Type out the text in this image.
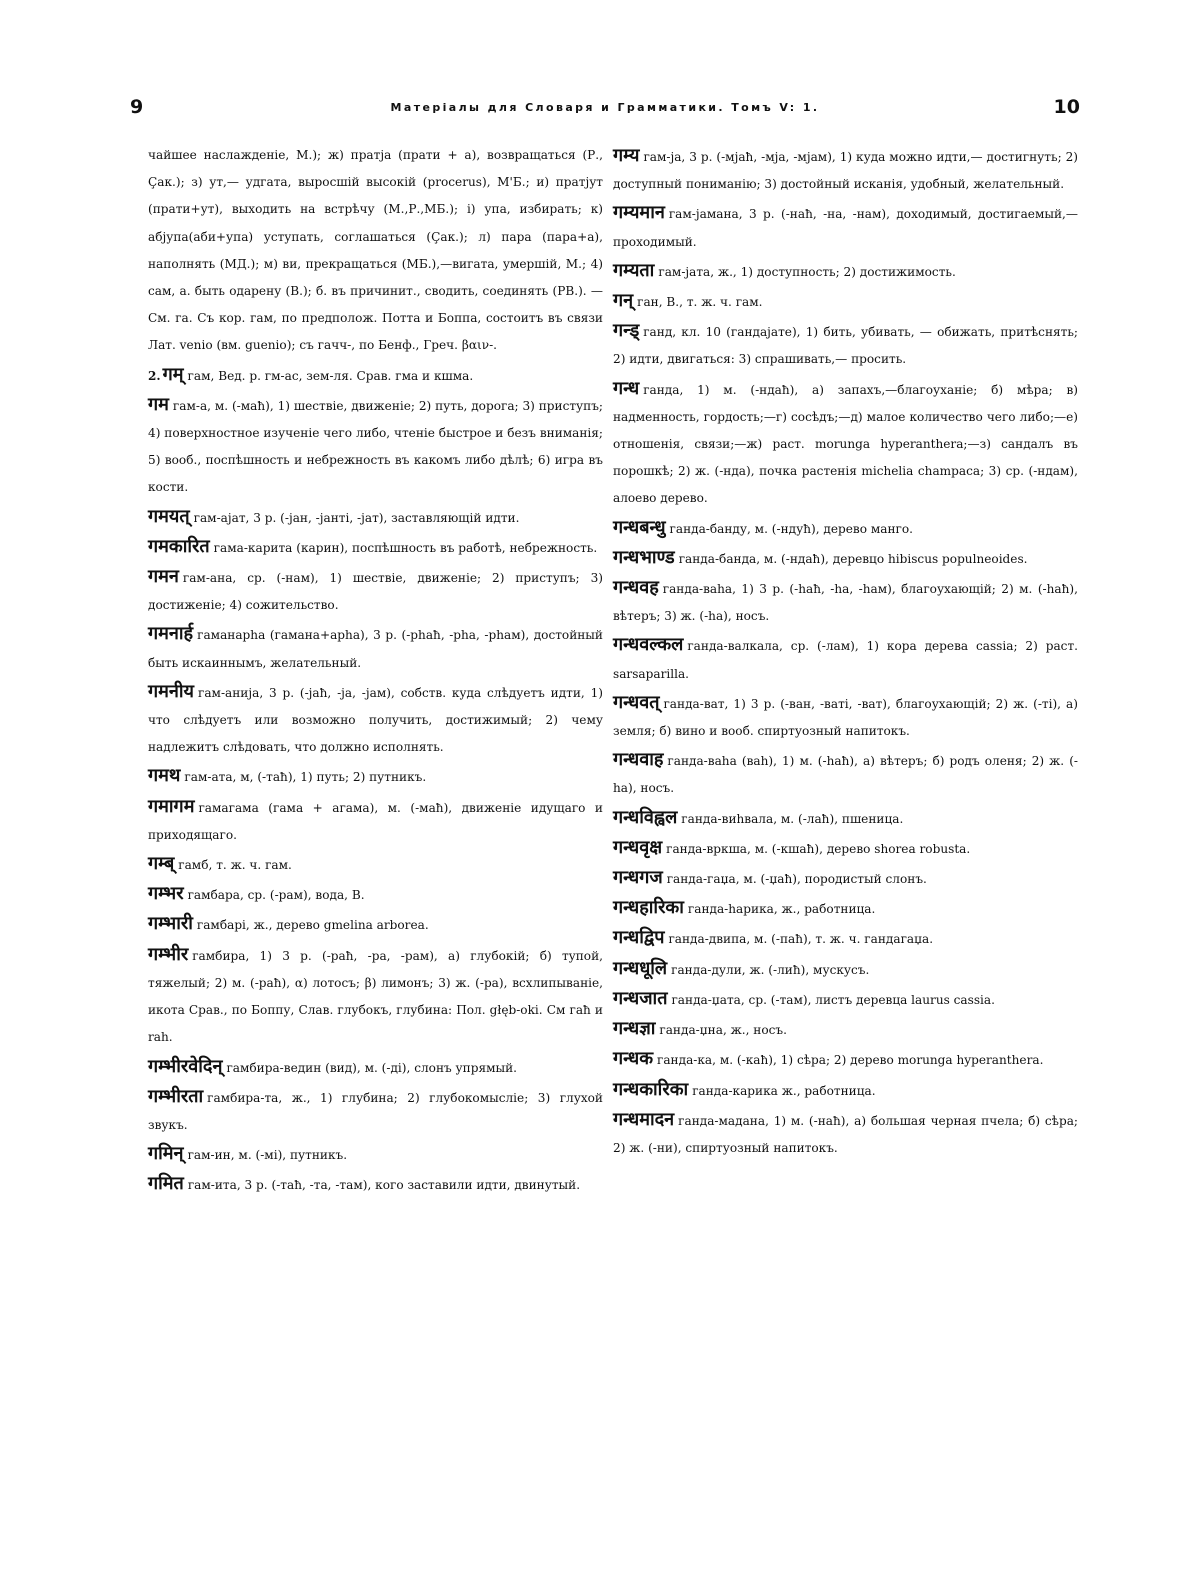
9	Матеріалы для Словаря и Грамматики. Томъ V: 1.	10

чайшее наслажденіе, М.); ж) пратја (прати + а), возвращаться (Р., Çак.); з) ут,— удгата, выросшій высокій (procerus), М'Б.; и) пратјут (прати+ут), выходить на встрѣчу (М.,Р.,МБ.); і) упа, избирать; к) абјупа(аби+упа) уступать, соглашаться (Çак.); л) пара (пара+а), наполнять (МД.); м) ви, прекращаться (МБ.),—вигата, умершій, М.; 4) сам, а. быть одарену (В.); б. въ причинит., сводить, соединять (РВ.). — См. га. Съ кор. гам, по предполож. Потта и Боппа, состоитъ въ связи Лат. venio (вм. guenio); съ гачч-, по Бенф., Греч. βαιν-.

2. गम् гам, Вед. р. гм-ас, зем-ля. Срав. гма и кшма.

गम гам-а, м. (-маħ), 1) шествіе, движеніе; 2) путь, дорога; 3) приступъ; 4) поверхностное изученіе чего либо, чтеніе быстрое и безъ вниманія; 5) вооб., поспѣшность и небрежность въ какомъ либо дѣлѣ; 6) игра въ кости.

गमयत् гам-ајат, 3 р. (-јан, -јанті, -јат), заставляющій идти.

गमकारित гама-карита (карин), поспѣшность въ работѣ, небрежность.

गमन гам-ана, ср. (-нам), 1) шествіе, движеніе; 2) приступъ; 3) достиженіе; 4) сожительство.

गमनार्ह гаманарһа (гамана+арһа), 3 р. (-рһаħ, -рһа, -рһам), достойный быть искаиннымъ, желательный.

गमनीय гам-анија, 3 р. (-јаħ, -ја, -јам), собств. куда слѣдуетъ идти, 1) что слѣдуетъ или возможно получить, достижимый; 2) чему надлежитъ слѣдовать, что должно исполнять.

गमथ гам-ата, м, (-таħ), 1) путь; 2) путникъ.

गमागम гамагама (гама + агама), м. (-маħ), движеніе идущаго и приходящаго.

गम्ब् гамб, т. ж. ч. гам.

गम्भर гамбара, ср. (-рам), вода, В.

गम्भारी гамбарі, ж., дерево gmelina arborea.

गम्भीर гамбира, 1) 3 р. (-раħ, -ра, -рам), а) глубокій; б) тупой, тяжелый; 2) м. (-раħ), α) лотосъ; β) лимонъ; 3) ж. (-ра), всхлипываніе, икота Срав., по Боппу, Слав. глубокъ, глубина: Пол. głęb-oki. См гаħ и rah.

गम्भीरवेदिन् гамбира-ведин (вид), м. (-ді), слонъ упрямый.

गम्भीरता гамбира-та, ж., 1) глубина; 2) глубокомысліе; 3) глухой звукъ.

गमिन् гам-ин, м. (-мі), путникъ.

गमित гам-ита, 3 р. (-таħ, -та, -там), кого заставили идти, двинутый.

गम्य гам-ја, 3 р. (-мјаħ, -мја, -мјам), 1) куда можно идти,— достигнуть; 2) доступный пониманію; 3) достойный исканія, удобный, желательный.

गम्यमान гам-јамана, 3 р. (-наħ, -на, -нам), доходимый, достигаемый,—проходимый.

गम्यता гам-јата, ж., 1) доступность; 2) достижимость.

गन् ган, В., т. ж. ч. гам.

गन्ड् ганд, кл. 10 (гандајате), 1) бить, убивать, — обижать, притѣснять; 2) идти, двигаться: 3) спрашивать,— просить.

गन्ध ганда, 1) м. (-ндаħ), а) запахъ,—благоуханіе; б) мѣра; в) надменность, гордость;—г) сосѣдъ;—д) малое количество чего либо;—е) отношенія, связи;—ж) раст. morunga hyperanthera;—з) сандалъ въ порошкѣ; 2) ж. (-нда), почка растенія michelia champaca; 3) ср. (-ндам), алоево дерево.

गन्धबन्धु ганда-банду, м. (-ндуħ), дерево манго.

गन्धभाण्ड ганда-банда, м. (-ндаħ), деревцо hibiscus populneoides.

गन्धवह ганда-ваһа, 1) 3 р. (-һаħ, -һа, -һам), благоухающій; 2) м. (-һаħ), вѣтеръ; 3) ж. (-һа), носъ.

गन्धवल्कल ганда-валкала, ср. (-лам), 1) кора дерева cassia; 2) раст. sarsaparilla.

गन्धवत् ганда-ват, 1) 3 р. (-ван, -ваті, -ват), благоухающій; 2) ж. (-ті), а) земля; б) вино и вооб. спиртуозный напитокъ.

गन्धवाह ганда-ваһа (ваһ), 1) м. (-һаħ), а) вѣтеръ; б) родъ оленя; 2) ж. (-һа), носъ.

गन्धविह्वल ганда-виһвала, м. (-лаħ), пшеница.

गन्धवृक्ष ганда-вркша, м. (-кшаħ), дерево shorea robusta.

गन्धगज ганда-гаџа, м. (-џаħ), породистый слонъ.

गन्धहारिका ганда-һарика, ж., работница.

गन्धद्विप ганда-двипа, м. (-паħ), т. ж. ч. гандагаџа.

गन्धधूलि ганда-дули, ж. (-лиħ), мускусъ.

गन्धजात ганда-џата, ср. (-там), листъ деревца laurus cassia.

गन्धज्ञा ганда-џна, ж., носъ.

गन्धक ганда-ка, м. (-каħ), 1) сѣра; 2) дерево morunga hyperanthera.

गन्धकारिका ганда-карика ж., работница.

गन्धमादन ганда-мадана, 1) м. (-наħ), а) большая черная пчела; б) сѣра; 2) ж. (-ни), спиртуозный напитокъ.
